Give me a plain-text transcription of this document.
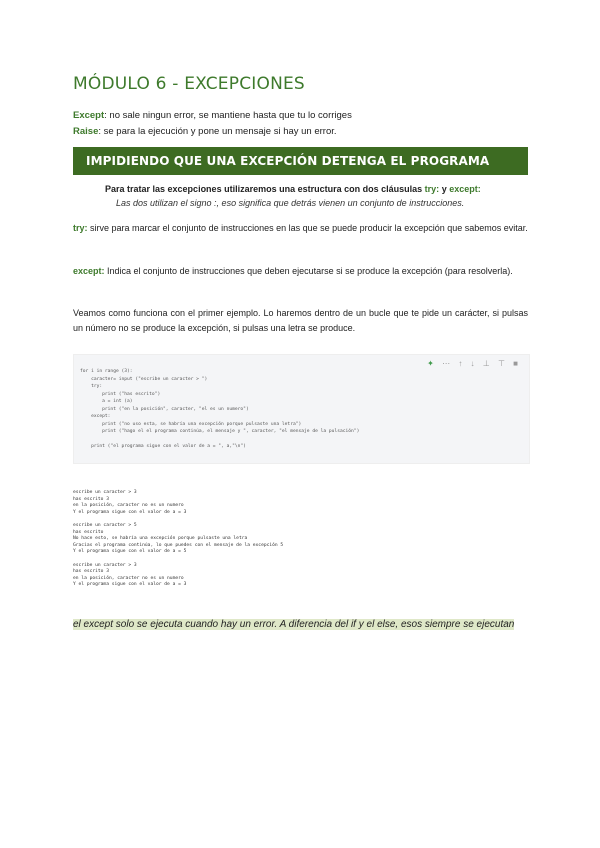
MÓDULO 6 - EXCEPCIONES
Except: no sale ningun error, se mantiene hasta que tu lo corriges
Raise: se para la ejecución y pone un mensaje si hay un error.
IMPIDIENDO QUE UNA EXCEPCIÓN DETENGA EL PROGRAMA
Para tratar las excepciones utilizaremos una estructura con dos cláusulas try: y except:
Las dos utilizan el signo :, eso significa que detrás vienen un conjunto de instrucciones.
try: sirve para marcar el conjunto de instrucciones en las que se puede producir la excepción que sabemos evitar.
except: Indica el conjunto de instrucciones que deben ejecutarse si se produce la excepción (para resolverla).
Veamos como funciona con el primer ejemplo. Lo haremos dentro de un bucle que te pide un carácter, si pulsas un número no se produce la excepción, si pulsas una letra se produce.
✦ ⋯ ↑ ↓ ⊥ ⊤ ■
for i in range (3):
caracter= input ("escribe un caracter > ")
try:
print ("has escrito")
a = int (a)
print ("en la posición", caracter, "el es un numero")
except:
print ("no uso esta, se habría una excepción porque pulsaste una letra")
print ("hago el el programa continúa, el mensaje y ", caracter, "el mensaje de la pulsación")
print ("el programa sigue con el valor de a = ", a,"\n")
escribe un caracter > 3
has escrito 3
en la posición, caracter no es un numero
Y el programa sigue con el valor de a = 3
escribe un caracter > 5
has escrito
No hace esto, se habría una excepción porque pulsaste una letra
Gracias el programa continúa, lo que puedes con el mensaje de la excepción 5
Y el programa sigue con el valor de a = 5
escribe un caracter > 3
has escrito 3
en la posición, caracter no es un numero
Y el programa sigue con el valor de a = 3
el except solo se ejecuta cuando hay un error. A diferencia del if y el else, esos siempre se ejecutan
